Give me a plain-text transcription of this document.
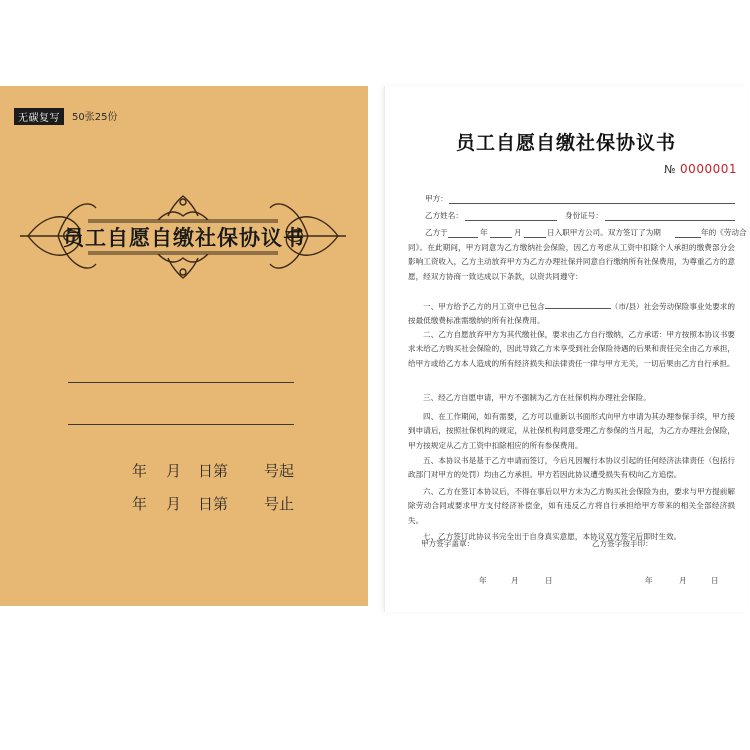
无碳复写	50张25份
员工自愿自缴社保协议书
年 月 日第 号起
年 月 日第 号止
员工自愿自缴社保协议书
№ 0000001
甲方：
乙方姓名：	身份证号：
乙方于	年	月	日入职甲方公司。双方签订了为期	年的《劳动合
同》。在此期间，甲方同意为乙方缴纳社会保险，因乙方考虑从工资中扣除个人承担的缴费部分会影响工资收入，乙方主动放弃甲方为乙方办理社保并同意自行缴纳所有社保费用，为尊重乙方的意愿，经双方协商一致达成以下条款，以资共同遵守：
一、甲方给予乙方的月工资中已包含	（市/县）社会劳动保险事业处要求的按最低缴费标准需缴纳的所有社保费用。
二、乙方自愿放弃甲方为其代缴社保，要求由乙方自行缴纳，乙方承诺：甲方按照本协议书要求未给乙方购买社会保险的，因此导致乙方未享受到社会保险待遇的后果和责任完全由乙方承担，给甲方或给乙方本人造成的所有经济损失和法律责任一律与甲方无关，一切后果由乙方自行承担。
三、经乙方自愿申请，甲方不强制为乙方在社保机构办理社会保险。
四、在工作期间，如有需要，乙方可以重新以书面形式向甲方申请为其办理参保手续，甲方接到申请后，按照社保机构的规定，从社保机构同意受理乙方参保的当月起，为乙方办理社会保险，甲方按规定从乙方工资中扣除相应的所有参保费用。
五、本协议书是基于乙方申请而签订，今后凡因履行本协议引起的任何经济法律责任（包括行政部门对甲方的处罚）均由乙方承担。甲方若因此协议遭受损失有权向乙方追偿。
六、乙方在签订本协议后，不得在事后以甲方未为乙方购买社会保险为由，要求与甲方提前解除劳动合同或要求甲方支付经济补偿金，如有违反乙方将自行承担给甲方带来的相关全部经济损失。
七、乙方签订此协议书完全出于自身真实意愿，本协议双方签字后即时生效。
甲方签字盖章：	乙方签字按手印：
年	月	日	年	月	日
